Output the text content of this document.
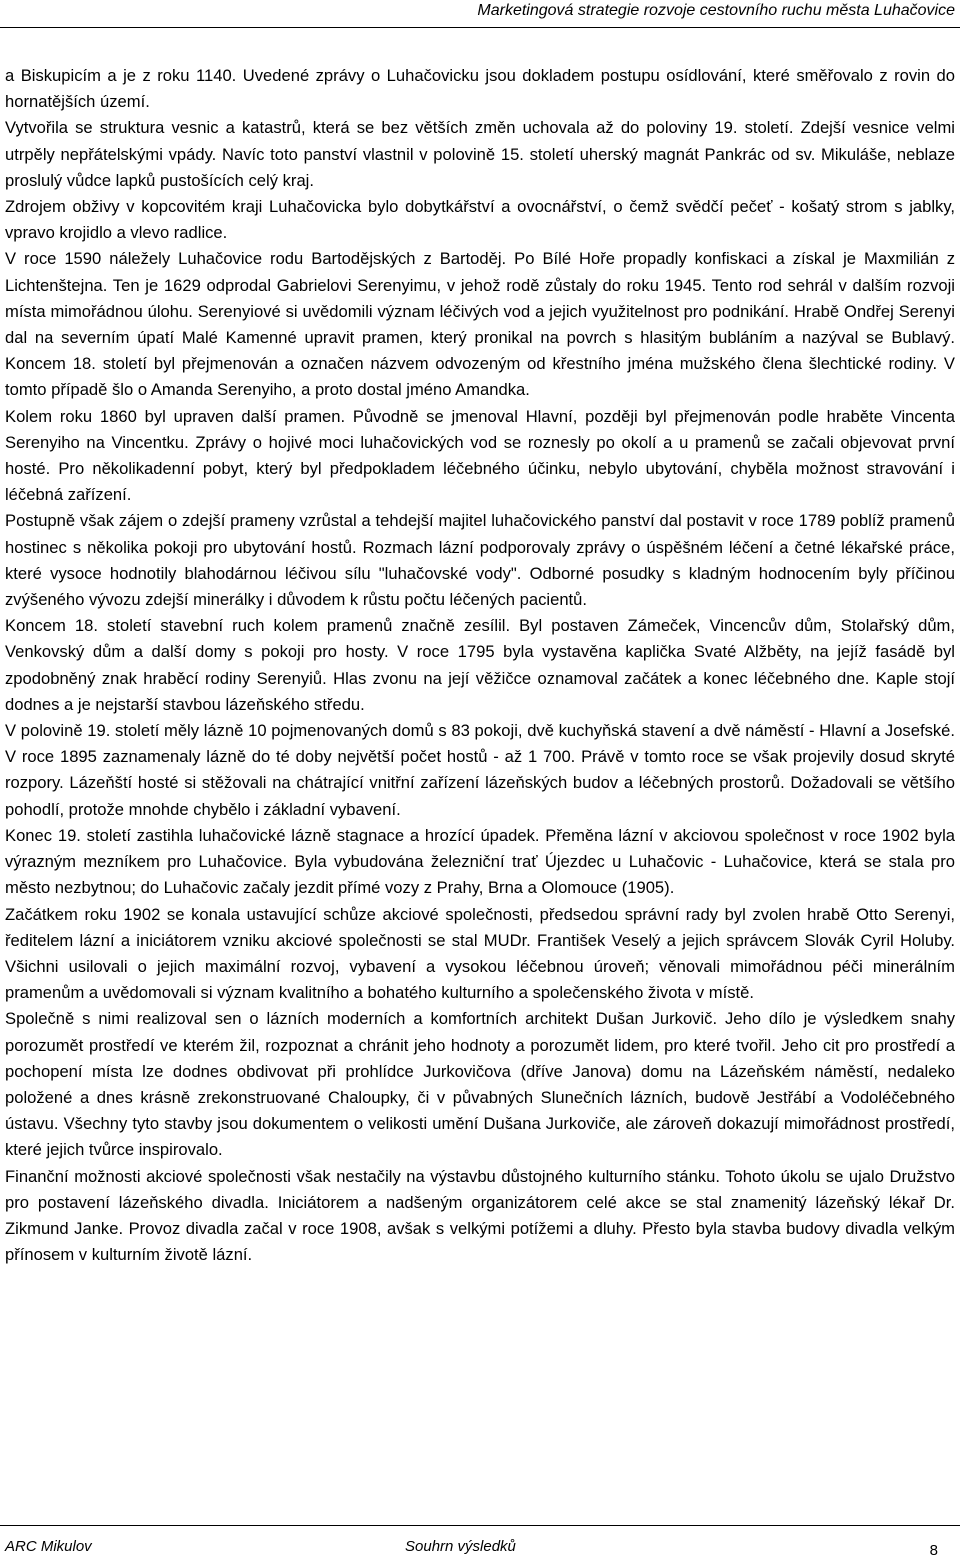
Marketingová strategie rozvoje cestovního ruchu města Luhačovice

a Biskupicím a je z roku 1140. Uvedené zprávy o Luhačovicku jsou dokladem postupu osídlování, které směřovalo z rovin do hornatějších území.

Vytvořila se struktura vesnic a katastrů, která se bez větších změn uchovala až do poloviny 19. století. Zdejší vesnice velmi utrpěly nepřátelskými vpády. Navíc toto panství vlastnil v polovině 15. století uherský magnát Pankrác od sv. Mikuláše, neblaze proslulý vůdce lapků pustošících celý kraj.

Zdrojem obživy v kopcovitém kraji Luhačovicka bylo dobytkářství a ovocnářství, o čemž svědčí pečeť - košatý strom s jablky, vpravo krojidlo a vlevo radlice.

V roce 1590 náležely Luhačovice rodu Bartodějských z Bartoděj. Po Bílé Hoře propadly konfiskaci a získal je Maxmilián z Lichtenštejna. Ten je 1629 odprodal Gabrielovi Serenyimu, v jehož rodě zůstaly do roku 1945. Tento rod sehrál v dalším rozvoji místa mimořádnou úlohu. Serenyiové si uvědomili význam léčivých vod a jejich využitelnost pro podnikání. Hrabě Ondřej Serenyi dal na severním úpatí Malé Kamenné upravit pramen, který pronikal na povrch s hlasitým bubláním a nazýval se Bublavý. Koncem 18. století byl přejmenován a označen názvem odvozeným od křestního jména mužského člena šlechtické rodiny. V tomto případě šlo o Amanda Serenyiho, a proto dostal jméno Amandka.

Kolem roku 1860 byl upraven další pramen. Původně se jmenoval Hlavní, později byl přejmenován podle hraběte Vincenta Serenyiho na Vincentku. Zprávy o hojivé moci luhačovických vod se roznesly po okolí a u pramenů se začali objevovat první hosté. Pro několikadenní pobyt, který byl předpokladem léčebného účinku, nebylo ubytování, chyběla možnost stravování i léčebná zařízení.

Postupně však zájem o zdejší prameny vzrůstal a tehdejší majitel luhačovického panství dal postavit v roce 1789 poblíž pramenů hostinec s několika pokoji pro ubytování hostů. Rozmach lázní podporovaly zprávy o úspěšném léčení a četné lékařské práce, které vysoce hodnotily blahodárnou léčivou sílu "luhačovské vody". Odborné posudky s kladným hodnocením byly příčinou zvýšeného vývozu zdejší minerálky i důvodem k růstu počtu léčených pacientů.

Koncem 18. století stavební ruch kolem pramenů značně zesílil. Byl postaven Zámeček, Vincencův dům, Stolařský dům, Venkovský dům a další domy s pokoji pro hosty. V roce 1795 byla vystavěna kaplička Svaté Alžběty, na jejíž fasádě byl zpodobněný znak hraběcí rodiny Serenyiů. Hlas zvonu na její věžičce oznamoval začátek a konec léčebného dne. Kaple stojí dodnes a je nejstarší stavbou lázeňského středu.

V polovině 19. století měly lázně 10 pojmenovaných domů s 83 pokoji, dvě kuchyňská stavení a dvě náměstí - Hlavní a Josefské. V roce 1895 zaznamenaly lázně do té doby největší počet hostů - až 1 700. Právě v tomto roce se však projevily dosud skryté rozpory. Lázeňští hosté si stěžovali na chátrající vnitřní zařízení lázeňských budov a léčebných prostorů. Dožadovali se většího pohodlí, protože mnohde chybělo i základní vybavení.

Konec 19. století zastihla luhačovické lázně stagnace a hrozící úpadek. Přeměna lázní v akciovou společnost v roce 1902 byla výrazným mezníkem pro Luhačovice. Byla vybudována železniční trať Újezdec u Luhačovic - Luhačovice, která se stala pro město nezbytnou; do Luhačovic začaly jezdit přímé vozy z Prahy, Brna a Olomouce (1905).

Začátkem roku 1902 se konala ustavující schůze akciové společnosti, předsedou správní rady byl zvolen hrabě Otto Serenyi, ředitelem lázní a iniciátorem vzniku akciové společnosti se stal MUDr. František Veselý a jejich správcem Slovák Cyril Holuby. Všichni usilovali o jejich maximální rozvoj, vybavení a vysokou léčebnou úroveň; věnovali mimořádnou péči minerálním pramenům a uvědomovali si význam kvalitního a bohatého kulturního a společenského života v místě.

Společně s nimi realizoval sen o lázních moderních a komfortních architekt Dušan Jurkovič. Jeho dílo je výsledkem snahy porozumět prostředí ve kterém žil, rozpoznat a chránit jeho hodnoty a porozumět lidem, pro které tvořil. Jeho cit pro prostředí a pochopení místa lze dodnes obdivovat při prohlídce Jurkovičova (dříve Janova) domu na Lázeňském náměstí, nedaleko položené a dnes krásně zrekonstruované Chaloupky, či v půvabných Slunečních lázních, budově Jestřábí a Vodoléčebného ústavu. Všechny tyto stavby jsou dokumentem o velikosti umění Dušana Jurkoviče, ale zároveň dokazují mimořádnost prostředí, které jejich tvůrce inspirovalo.

Finanční možnosti akciové společnosti však nestačily na výstavbu důstojného kulturního stánku. Tohoto úkolu se ujalo Družstvo pro postavení lázeňského divadla. Iniciátorem a nadšeným organizátorem celé akce se stal znamenitý lázeňský lékař Dr. Zikmund Janke. Provoz divadla začal v roce 1908, avšak s velkými potížemi a dluhy. Přesto byla stavba budovy divadla velkým přínosem v kulturním životě lázní.

ARC Mikulov	Souhrn výsledků	8
